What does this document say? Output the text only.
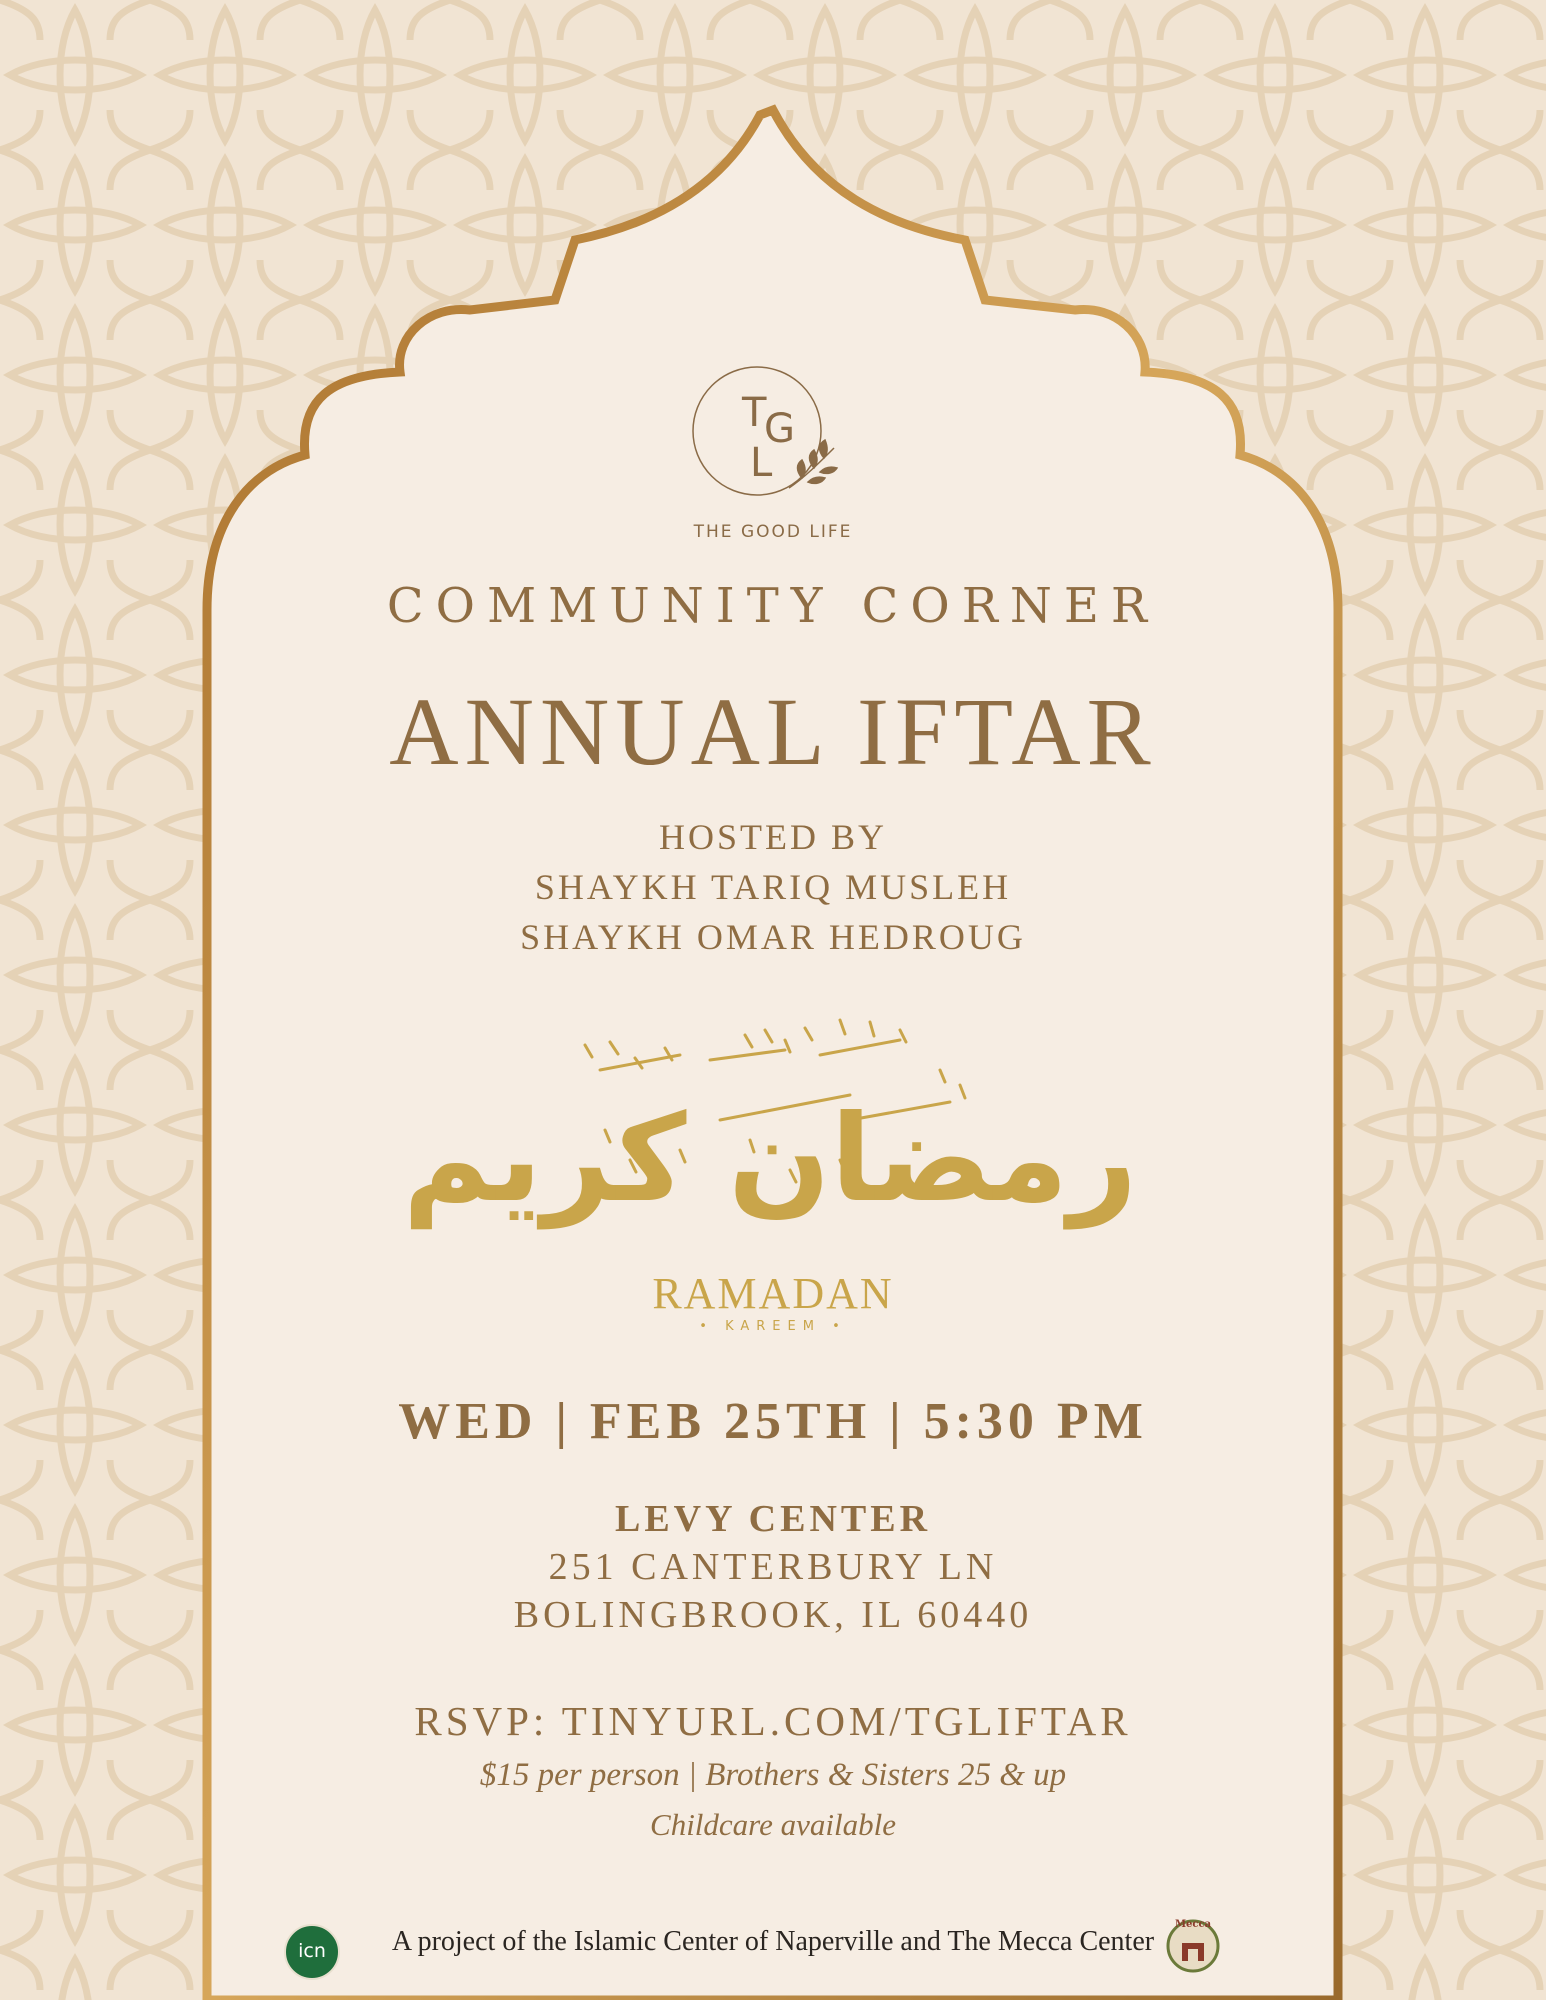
T
G
L
THE GOOD LIFE
COMMUNITY CORNER
ANNUAL IFTAR
HOSTED BY
SHAYKH TARIQ MUSLEH
SHAYKH OMAR HEDROUG
رمضان كريم
RAMADAN
• KAREEM •
WED | FEB 25TH | 5:30 PM
LEVY CENTER
251 CANTERBURY LN
BOLINGBROOK, IL 60440
RSVP: TINYURL.COM/TGLIFTAR
$15 per person | Brothers & Sisters 25 & up
Childcare available
icn	A project of the Islamic Center of Naperville and The Mecca Center
Mecca
